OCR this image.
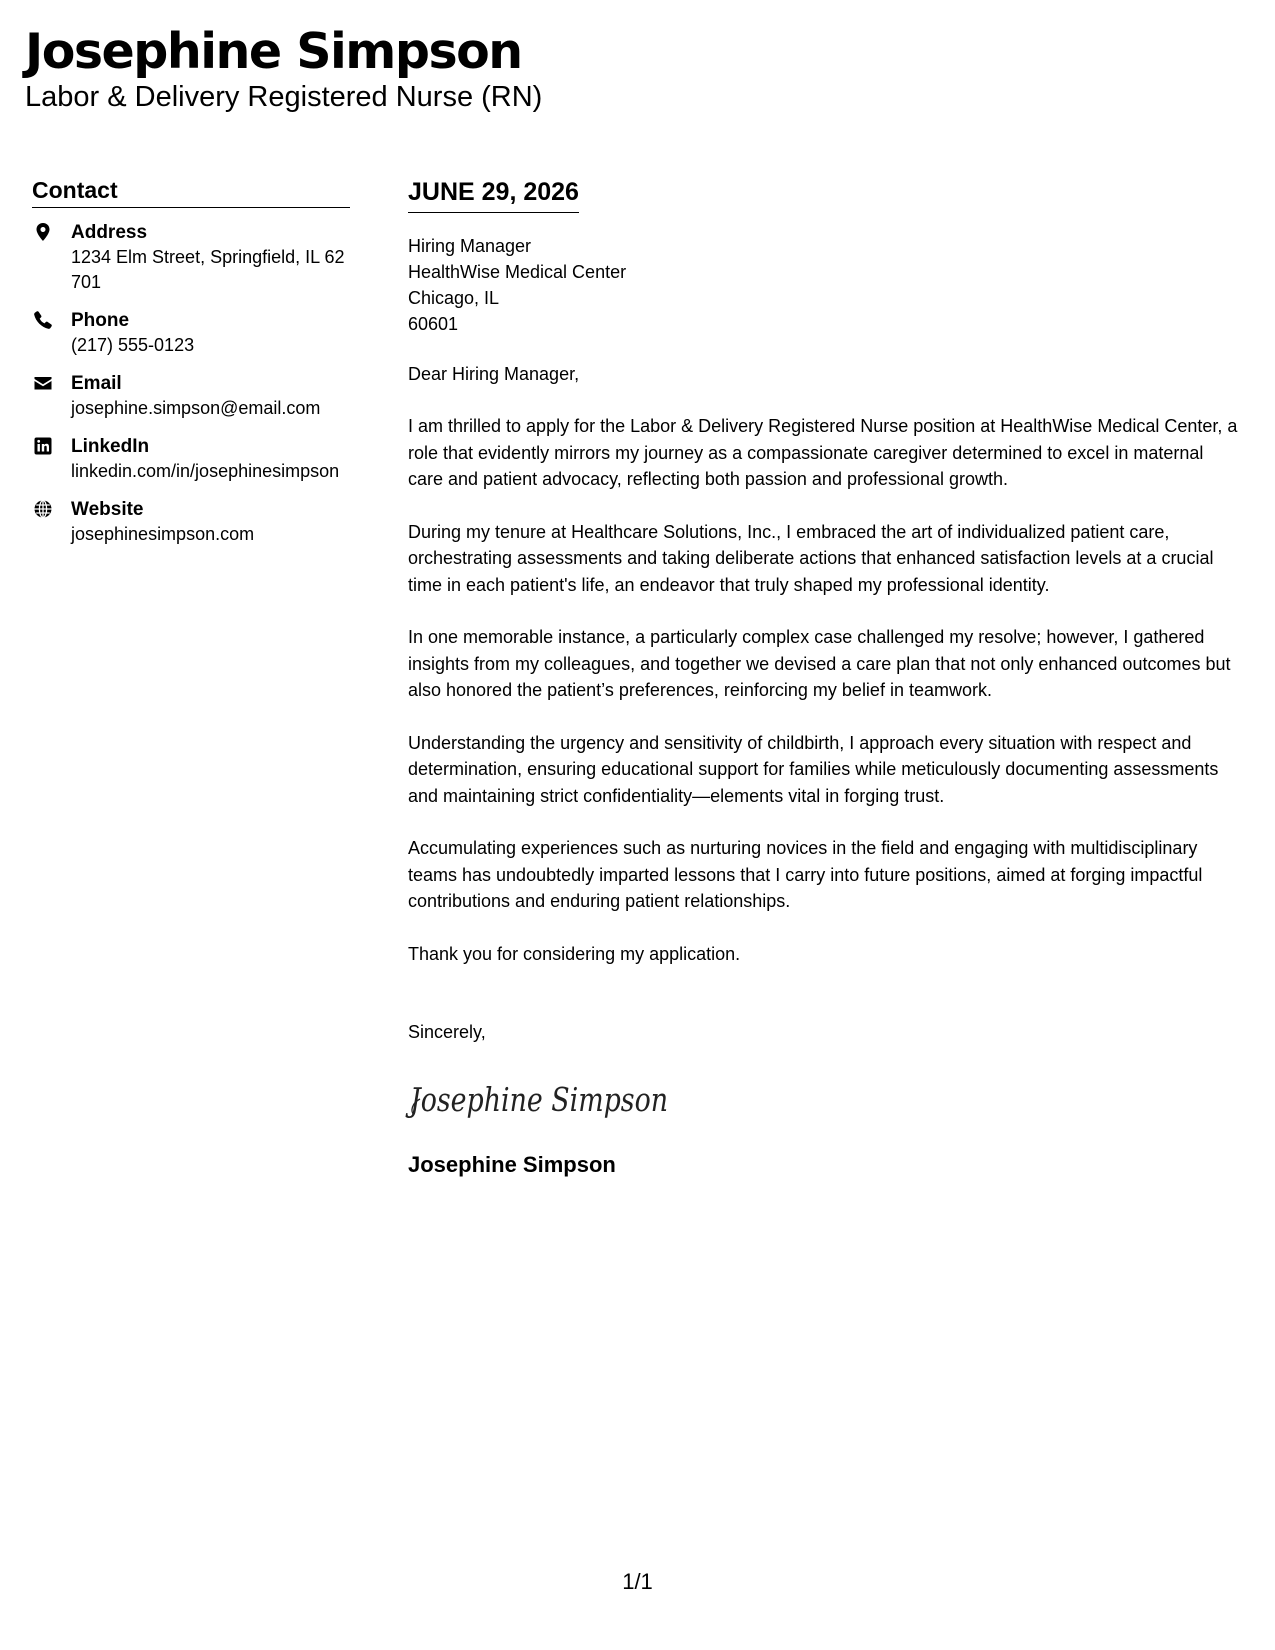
Josephine Simpson

Labor & Delivery Registered Nurse (RN)

Contact
Address
1234 Elm Street, Springfield, IL 62701
Phone
(217) 555-0123
Email
josephine.simpson@email.com
LinkedIn
linkedin.com/in/josephinesimpson
Website
josephinesimpson.com
JUNE 29, 2026
Hiring Manager
HealthWise Medical Center
Chicago, IL
60601
Dear Hiring Manager,

I am thrilled to apply for the Labor & Delivery Registered Nurse position at HealthWise Medical Center, a role that evidently mirrors my journey as a compassionate caregiver determined to excel in maternal care and patient advocacy, reflecting both passion and professional growth.

During my tenure at Healthcare Solutions, Inc., I embraced the art of individualized patient care, orchestrating assessments and taking deliberate actions that enhanced satisfaction levels at a crucial time in each patient's life, an endeavor that truly shaped my professional identity.

In one memorable instance, a particularly complex case challenged my resolve; however, I gathered insights from my colleagues, and together we devised a care plan that not only enhanced outcomes but also honored the patient’s preferences, reinforcing my belief in teamwork.

Understanding the urgency and sensitivity of childbirth, I approach every situation with respect and determination, ensuring educational support for families while meticulously documenting assessments and maintaining strict confidentiality—elements vital in forging trust.

Accumulating experiences such as nurturing novices in the field and engaging with multidisciplinary teams has undoubtedly imparted lessons that I carry into future positions, aimed at forging impactful contributions and enduring patient relationships.

Thank you for considering my application.

Sincerely,
Josephine Simpson
Josephine Simpson
1/1
